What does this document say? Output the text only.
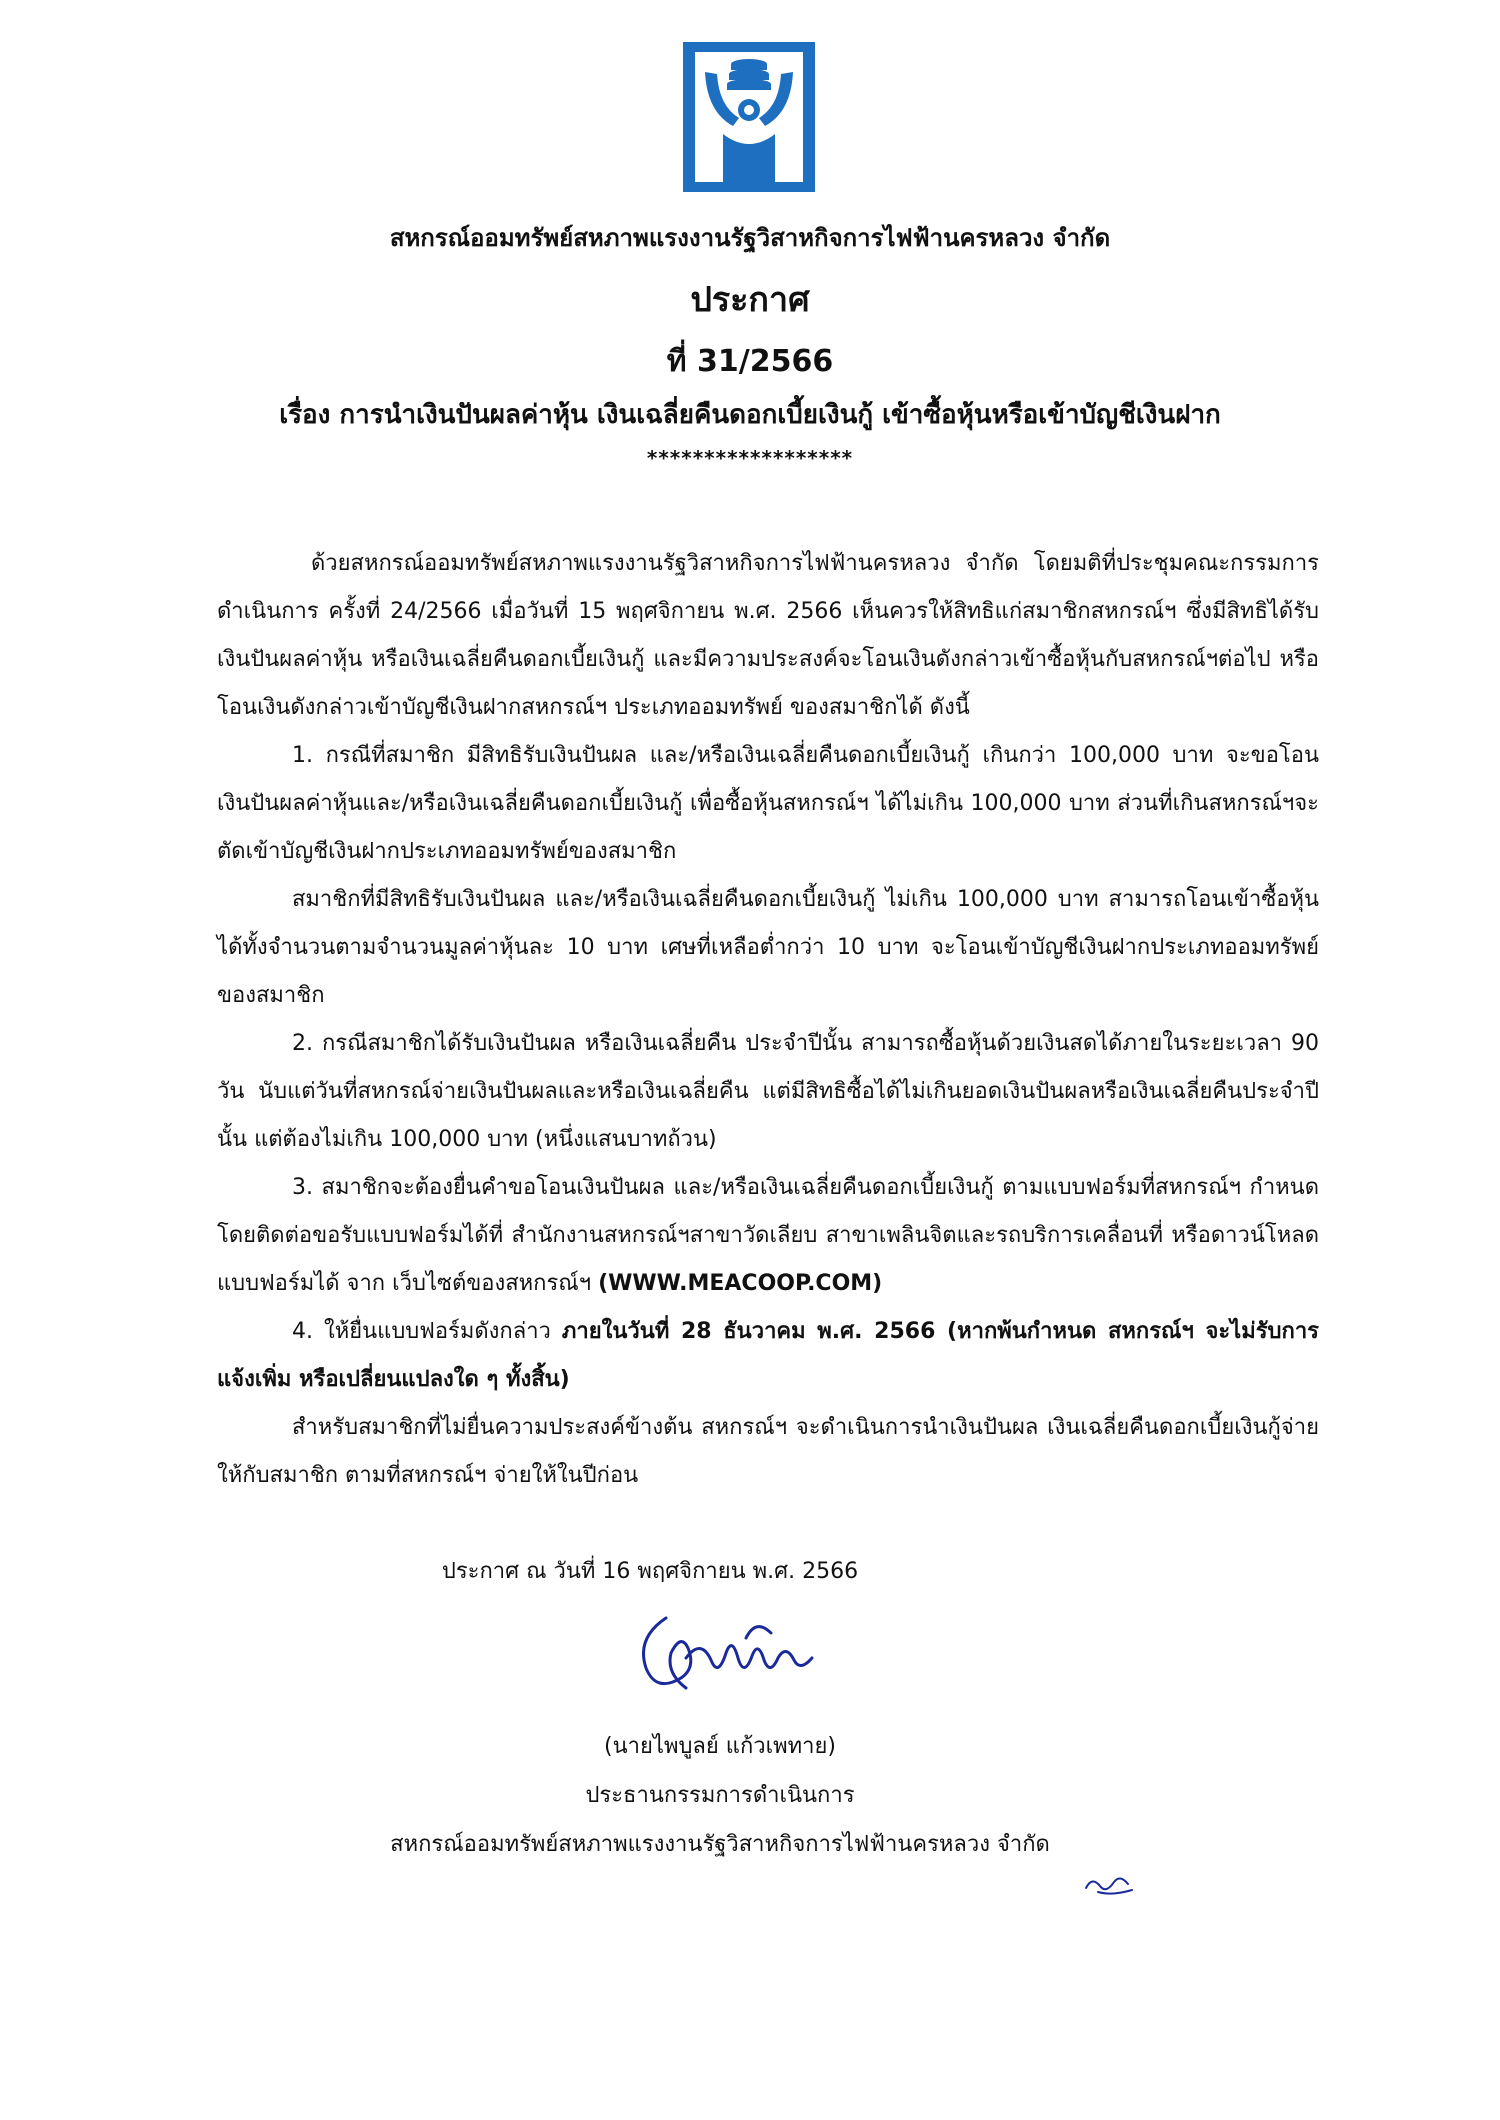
สหกรณ์ออมทรัพย์สหภาพแรงงานรัฐวิสาหกิจการไฟฟ้านครหลวง จำกัด
ประกาศ
ที่ 31/2566
เรื่อง การนำเงินปันผลค่าหุ้น เงินเฉลี่ยคืนดอกเบี้ยเงินกู้ เข้าซื้อหุ้นหรือเข้าบัญชีเงินฝาก
******************

ด้วยสหกรณ์ออมทรัพย์สหภาพแรงงานรัฐวิสาหกิจการไฟฟ้านครหลวง จำกัด โดยมติที่ประชุมคณะกรรมการดำเนินการ ครั้งที่ 24/2566 เมื่อวันที่ 15 พฤศจิกายน พ.ศ. 2566 เห็นควรให้สิทธิแก่สมาชิกสหกรณ์ฯ ซึ่งมีสิทธิได้รับเงินปันผลค่าหุ้น หรือเงินเฉลี่ยคืนดอกเบี้ยเงินกู้ และมีความประสงค์จะโอนเงินดังกล่าวเข้าซื้อหุ้นกับสหกรณ์ฯต่อไป หรือโอนเงินดังกล่าวเข้าบัญชีเงินฝากสหกรณ์ฯ ประเภทออมทรัพย์ ของสมาชิกได้ ดังนี้

1. กรณีที่สมาชิก มีสิทธิรับเงินปันผล และ/หรือเงินเฉลี่ยคืนดอกเบี้ยเงินกู้ เกินกว่า 100,000 บาท จะขอโอนเงินปันผลค่าหุ้นและ/หรือเงินเฉลี่ยคืนดอกเบี้ยเงินกู้ เพื่อซื้อหุ้นสหกรณ์ฯ ได้ไม่เกิน 100,000 บาท ส่วนที่เกินสหกรณ์ฯจะตัดเข้าบัญชีเงินฝากประเภทออมทรัพย์ของสมาชิก

สมาชิกที่มีสิทธิรับเงินปันผล และ/หรือเงินเฉลี่ยคืนดอกเบี้ยเงินกู้ ไม่เกิน 100,000 บาท สามารถโอนเข้าซื้อหุ้นได้ทั้งจำนวนตามจำนวนมูลค่าหุ้นละ 10 บาท เศษที่เหลือต่ำกว่า 10 บาท จะโอนเข้าบัญชีเงินฝากประเภทออมทรัพย์ของสมาชิก

2. กรณีสมาชิกได้รับเงินปันผล หรือเงินเฉลี่ยคืน ประจำปีนั้น สามารถซื้อหุ้นด้วยเงินสดได้ภายในระยะเวลา 90 วัน นับแต่วันที่สหกรณ์จ่ายเงินปันผลและหรือเงินเฉลี่ยคืน แต่มีสิทธิซื้อได้ไม่เกินยอดเงินปันผลหรือเงินเฉลี่ยคืนประจำปีนั้น แต่ต้องไม่เกิน 100,000 บาท (หนึ่งแสนบาทถ้วน)

3. สมาชิกจะต้องยื่นคำขอโอนเงินปันผล และ/หรือเงินเฉลี่ยคืนดอกเบี้ยเงินกู้ ตามแบบฟอร์มที่สหกรณ์ฯ กำหนด โดยติดต่อขอรับแบบฟอร์มได้ที่ สำนักงานสหกรณ์ฯสาขาวัดเลียบ สาขาเพลินจิตและรถบริการเคลื่อนที่ หรือดาวน์โหลดแบบฟอร์มได้ จาก เว็บไซต์ของสหกรณ์ฯ (WWW.MEACOOP.COM)

4. ให้ยื่นแบบฟอร์มดังกล่าว ภายในวันที่ 28 ธันวาคม พ.ศ. 2566 (หากพ้นกำหนด สหกรณ์ฯ จะไม่รับการแจ้งเพิ่ม หรือเปลี่ยนแปลงใด ๆ ทั้งสิ้น)

สำหรับสมาชิกที่ไม่ยื่นความประสงค์ข้างต้น สหกรณ์ฯ จะดำเนินการนำเงินปันผล เงินเฉลี่ยคืนดอกเบี้ยเงินกู้จ่ายให้กับสมาชิก ตามที่สหกรณ์ฯ จ่ายให้ในปีก่อน

ประกาศ ณ วันที่ 16 พฤศจิกายน พ.ศ. 2566
(นายไพบูลย์ แก้วเพทาย)
ประธานกรรมการดำเนินการ
สหกรณ์ออมทรัพย์สหภาพแรงงานรัฐวิสาหกิจการไฟฟ้านครหลวง จำกัด
